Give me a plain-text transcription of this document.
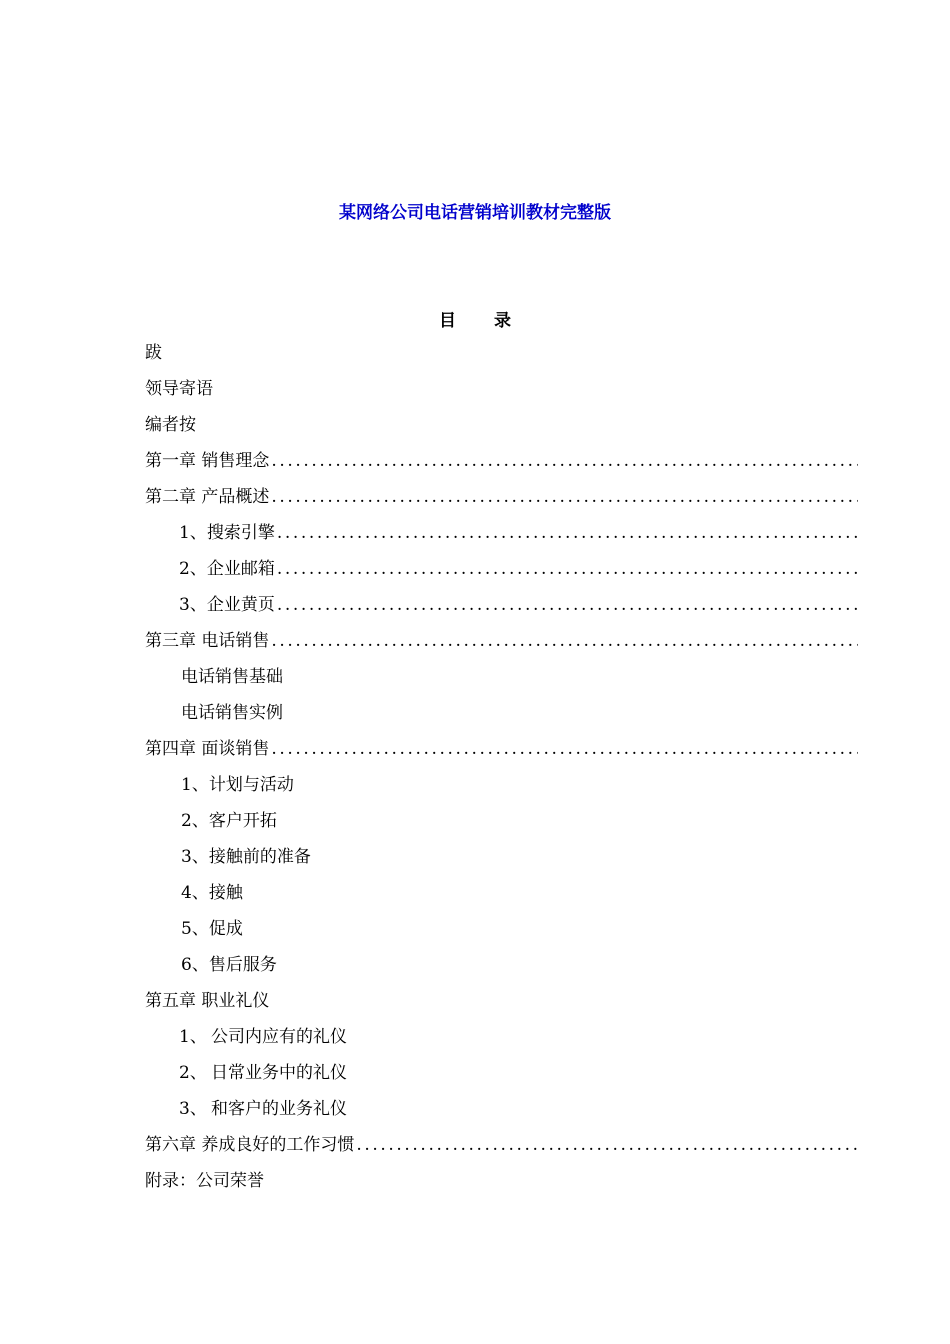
某网络公司电话营销培训教材完整版
目 录
跋
领导寄语
编者按
第一章 销售理念
.....
第二章 产品概述
.....
1、 搜索引擎
.....
2、 企业邮箱
.....
3、 企业黄页
.....
第三章 电话销售
.....
电话销售基础
电话销售实例
第四章 面谈销售
.....
1、计划与活动
2、客户开拓
3、接触前的准备
4、接触
5、促成
6、售后服务
第五章 职业礼仪
1、 公司内应有的礼仪
2、 日常业务中的礼仪
3、 和客户的业务礼仪
第六章 养成良好的工作习惯
.....
附录：公司荣誉
